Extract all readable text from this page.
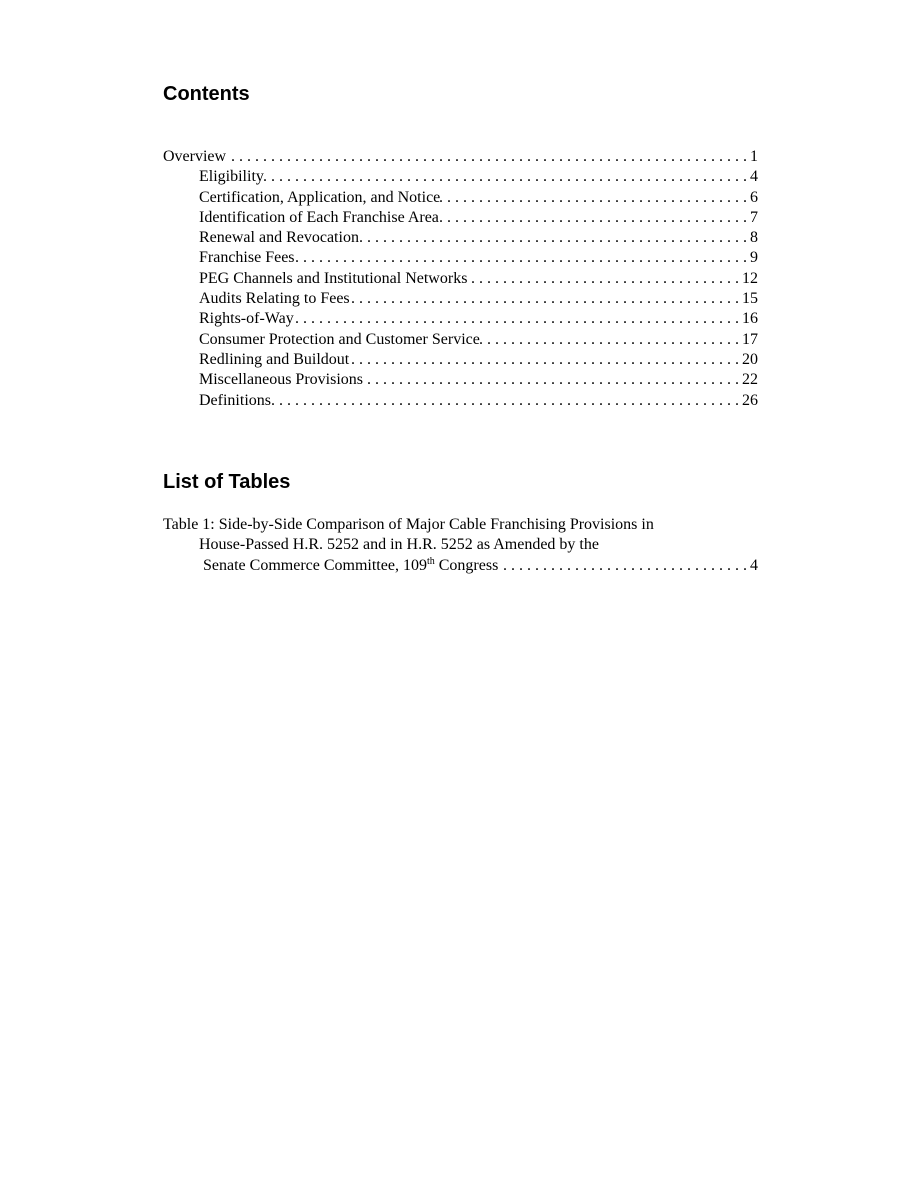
Contents
Overview . . .	1
Eligibility . . .	4
Certification, Application, and Notice . . .	6
Identification of Each Franchise Area . . .	7
Renewal and Revocation . . .	8
Franchise Fees . . .	9
PEG Channels and Institutional Networks . . .	12
Audits Relating to Fees . . .	15
Rights-of-Way . . .	16
Consumer Protection and Customer Service . . .	17
Redlining and Buildout . . .	20
Miscellaneous Provisions . . .	22
Definitions . . .	26
List of Tables
Table 1: Side-by-Side Comparison of Major Cable Franchising Provisions in
House-Passed H.R. 5252 and in H.R. 5252 as Amended by the
Senate Commerce Committee, 109th Congress . . .	4
